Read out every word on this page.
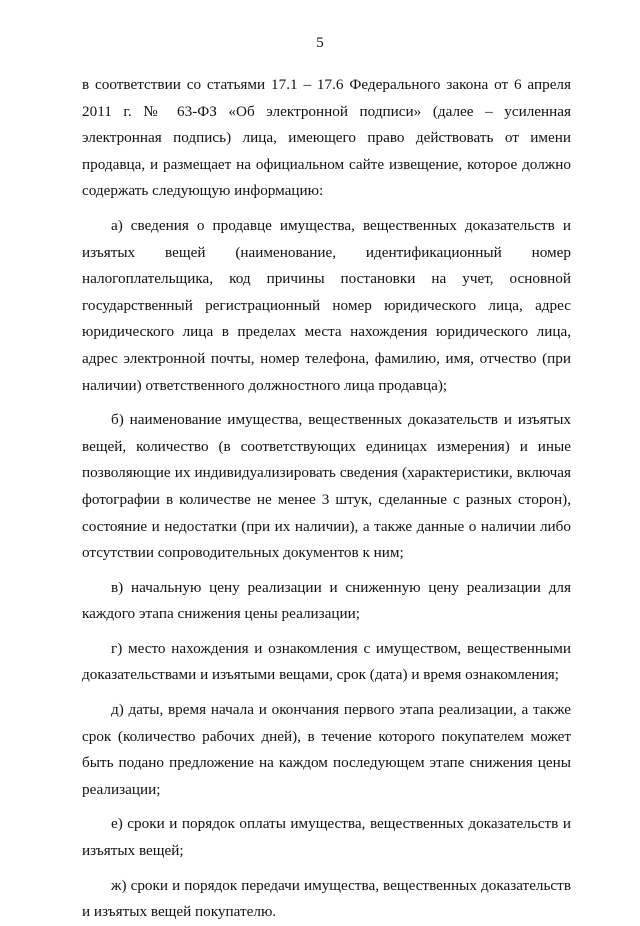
5

в соответствии со статьями 17.1 – 17.6 Федерального закона от 6 апреля 2011 г. № 63-ФЗ «Об электронной подписи» (далее – усиленная электронная подпись) лица, имеющего право действовать от имени продавца, и размещает на официальном сайте извещение, которое должно содержать следующую информацию:

а) сведения о продавце имущества, вещественных доказательств и изъятых вещей (наименование, идентификационный номер налогоплательщика, код причины постановки на учет, основной государственный регистрационный номер юридического лица, адрес юридического лица в пределах места нахождения юридического лица, адрес электронной почты, номер телефона, фамилию, имя, отчество (при наличии) ответственного должностного лица продавца);

б) наименование имущества, вещественных доказательств и изъятых вещей, количество (в соответствующих единицах измерения) и иные позволяющие их индивидуализировать сведения (характеристики, включая фотографии в количестве не менее 3 штук, сделанные с разных сторон), состояние и недостатки (при их наличии), а также данные о наличии либо отсутствии сопроводительных документов к ним;

в) начальную цену реализации и сниженную цену реализации для каждого этапа снижения цены реализации;

г) место нахождения и ознакомления с имуществом, вещественными доказательствами и изъятыми вещами, срок (дата) и время ознакомления;

д) даты, время начала и окончания первого этапа реализации, а также срок (количество рабочих дней), в течение которого покупателем может быть подано предложение на каждом последующем этапе снижения цены реализации;

е) сроки и порядок оплаты имущества, вещественных доказательств и изъятых вещей;

ж) сроки и порядок передачи имущества, вещественных доказательств и изъятых вещей покупателю.
